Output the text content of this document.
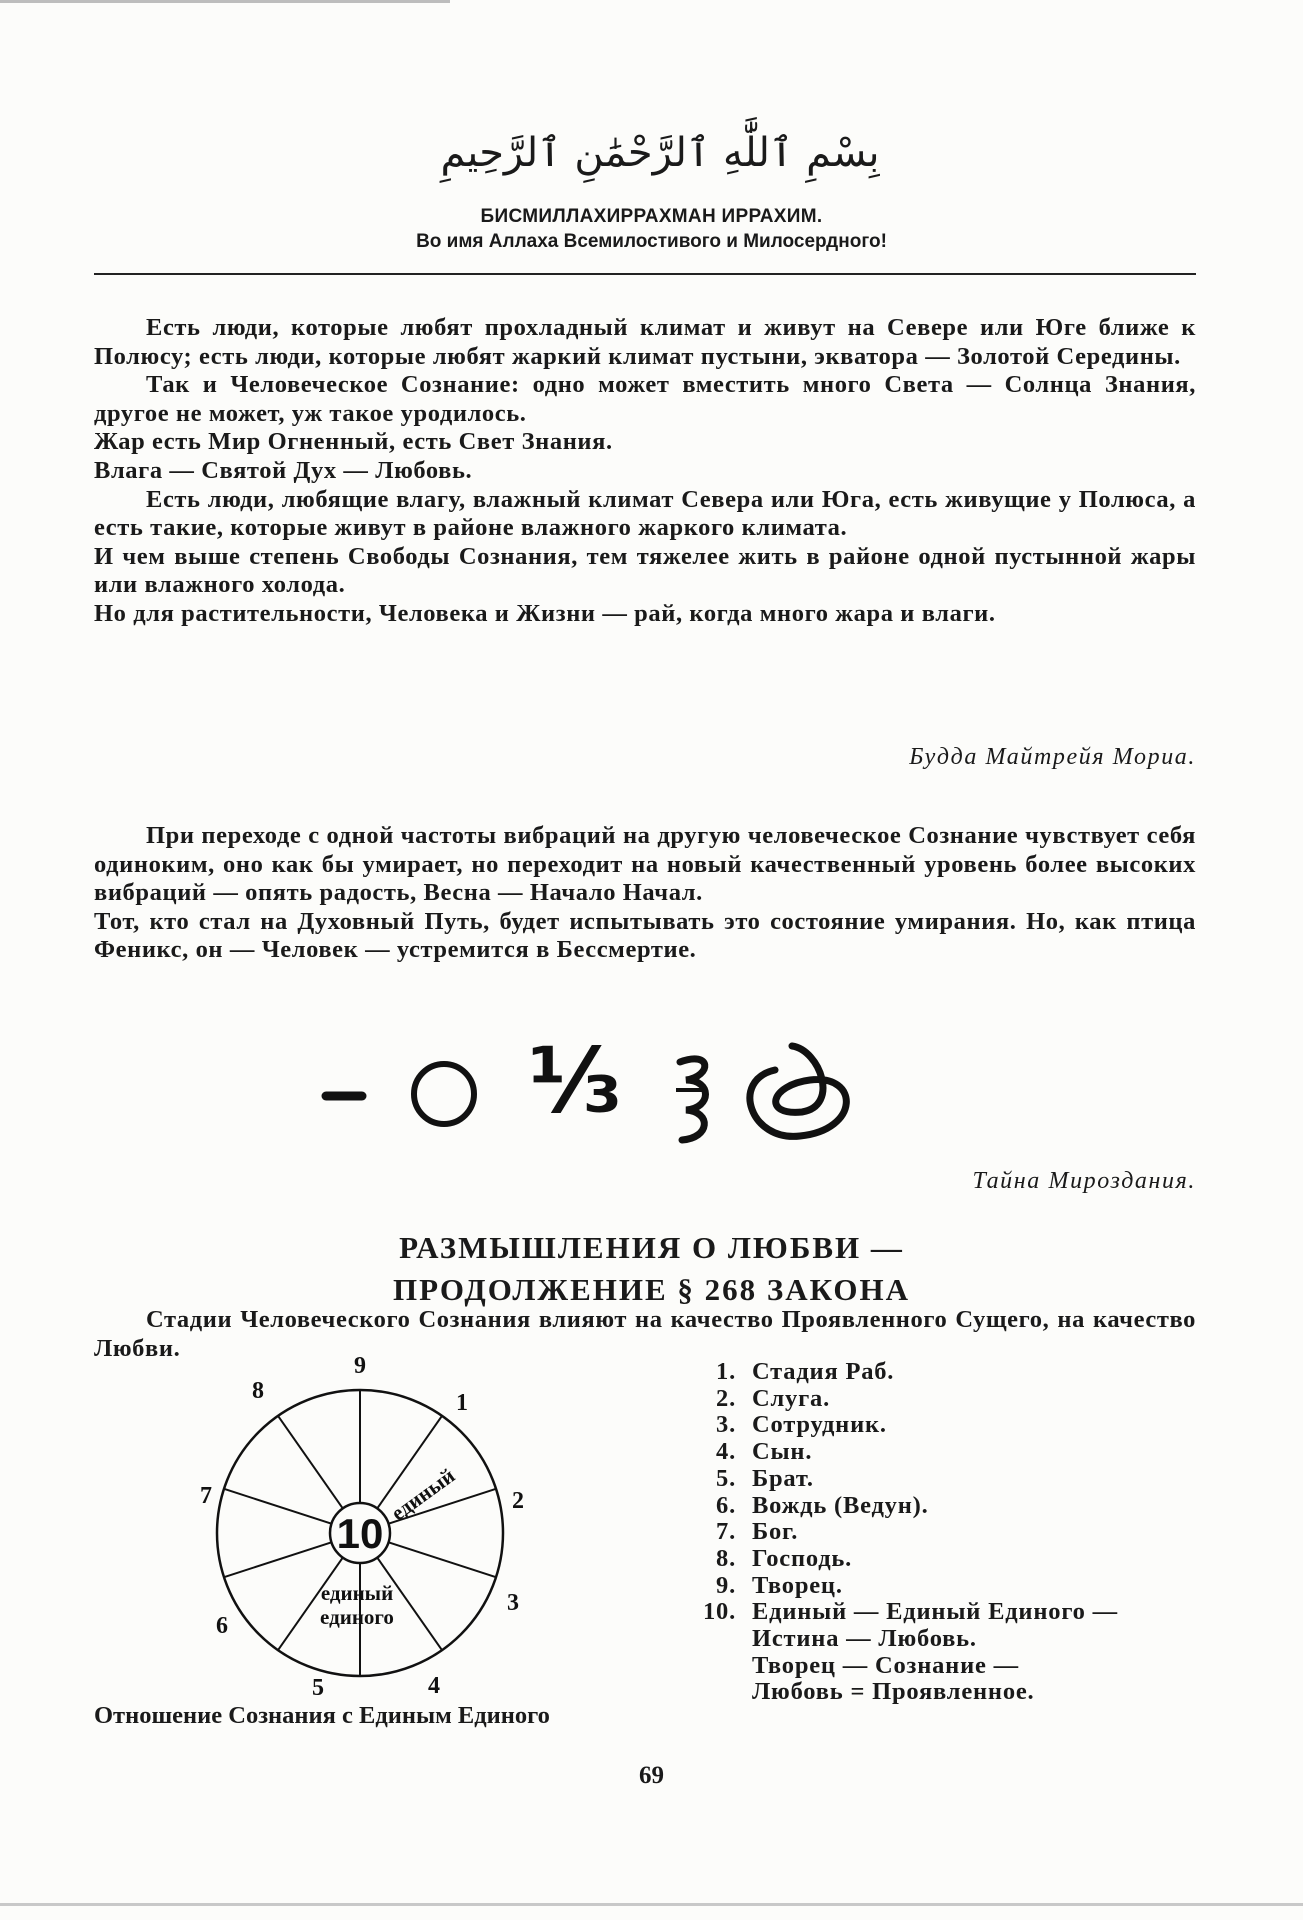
بِسْمِ ٱللَّٰهِ ٱلرَّحْمَٰنِ ٱلرَّحِيمِ
БИСМИЛЛАХИРРАХМАН ИРРАХИМ.
Во имя Аллаха Всемилостивого и Милосердного!

Есть люди, которые любят прохладный климат и живут на Севере или Юге ближе к Полюсу; есть люди, которые любят жаркий климат пустыни, экватора — Золотой Середины.

Так и Человеческое Сознание: одно может вместить много Света — Солнца Знания, другое не может, уж такое уродилось.

Жар есть Мир Огненный, есть Свет Знания.

Влага — Святой Дух — Любовь.

Есть люди, любящие влагу, влажный климат Севера или Юга, есть живущие у Полюса, а есть такие, которые живут в районе влажного жаркого климата.

И чем выше степень Свободы Сознания, тем тяжелее жить в районе одной пустынной жары или влажного холода.

Но для растительности, Человека и Жизни — рай, когда много жара и влаги.

Будда Майтрейя Мориа.

При переходе с одной частоты вибраций на другую человеческое Сознание чувствует себя одиноким, оно как бы умирает, но переходит на новый качественный уровень более высоких вибраций — опять радость, Весна — Начало Начал.

Тот, кто стал на Духовный Путь, будет испытывать это состояние умирания. Но, как птица Феникс, он — Человек — устремится в Бессмертие.

⅓
Тайна Мироздания.
РАЗМЫШЛЕНИЯ О ЛЮБВИ —
ПРОДОЛЖЕНИЕ § 268 ЗАКОНА

Стадии Человеческого Сознания влияют на качество Проявленного Сущего, на качество Любви.

10
единый
единый
единого
1
2
3
4
5
6
7
8
9
Отношение Сознания с Единым Единого
1. Стадия Раб.
2. Слуга.
3. Сотрудник.
4. Сын.
5. Брат.
6. Вождь (Ведун).
7. Бог.
8. Господь.
9. Творец.
10. Единый — Единый Единого —
Истина — Любовь.
Творец — Сознание —
Любовь = Проявленное.
69
